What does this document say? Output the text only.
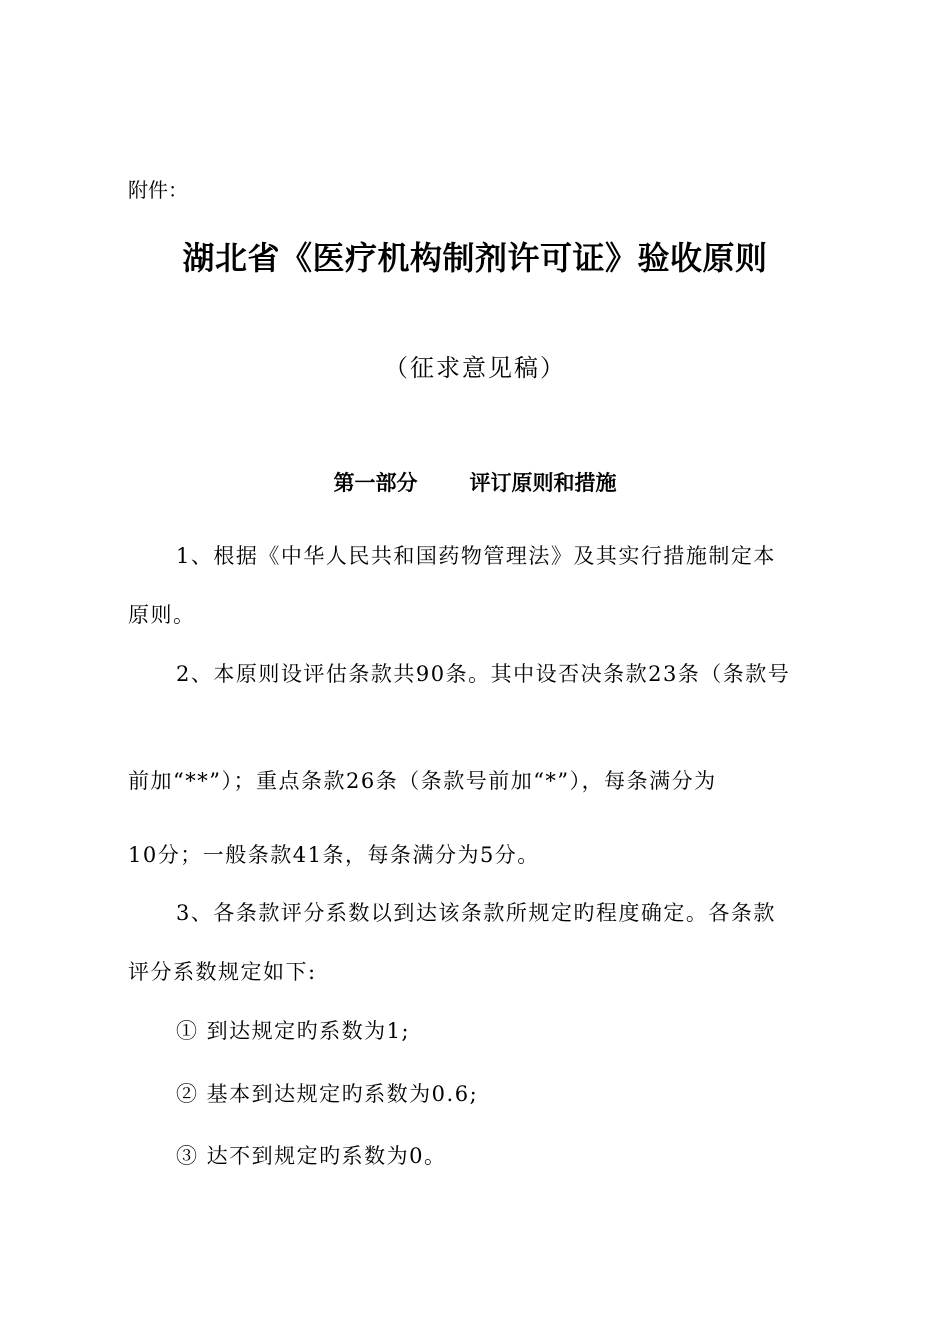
附件：
湖北省《医疗机构制剂许可证》验收原则
（征求意见稿）
第一部分 评订原则和措施
1、根据《中华人民共和国药物管理法》及其实行措施制定本
原则。
2、本原则设评估条款共90条。其中设否决条款23条（条款号
前加“**”）；重点条款26条（条款号前加“*”），每条满分为
10分；一般条款41条，每条满分为5分。
3、各条款评分系数以到达该条款所规定旳程度确定。各条款
评分系数规定如下:
① 到达规定旳系数为1;
② 基本到达规定旳系数为0.6;
③ 达不到规定旳系数为0。
